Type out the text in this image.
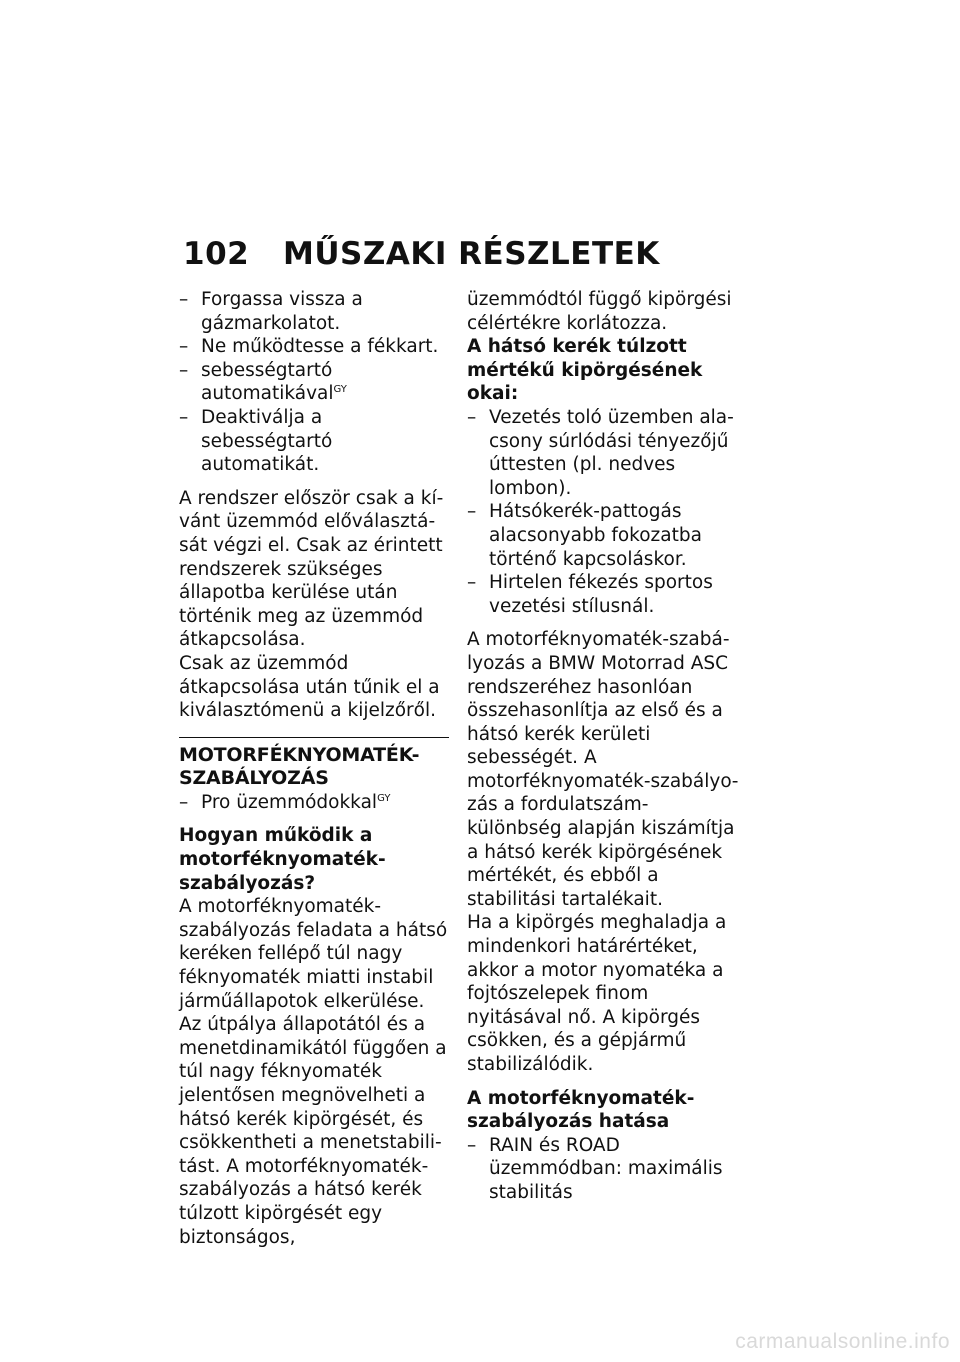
102	MŰSZAKI RÉSZLETEK

– Forgassa vissza a gázmarkolatot.

– Ne működtesse a fékkart.

– sebességtartó automatikával$^{GY}$

– Deaktiválja a sebességtartó automatikát.

A rendszer először csak a kívánt üzemmód előválasztását végzi el. Csak az érintett rendszerek szükséges állapotba kerülése után történik meg az üzemmód átkapcsolása.

Csak az üzemmód átkapcsolása után tűnik el a kiválasztómenü a kijelzőről.

MOTORFÉKNYOMATÉK-SZABÁLYOZÁS

– Pro üzemmódokkal$^{GY}$

Hogyan működik a motorféknyomaték-szabályozás?

A motorféknyomaték-szabályozás feladata a hátsó keréken fellépő túl nagy féknyomaték miatti instabil járműállapotok elkerülése. Az útpálya állapotától és a menetdinamikától függően a túl nagy féknyomaték jelentősen megnövelheti a hátsó kerék kipörgését, és csökkentheti a menetstabilitást. A motorféknyomaték-szabályozás a hátsó kerék túlzott kipörgését egy biztonságos,

üzemmódtól függő kipörgési célértékre korlátozza.

A hátsó kerék túlzott mértékű kipörgésének okai:

– Vezetés toló üzemben alacsony súrlódási tényezőjű úttesten (pl. nedves lombon).

– Hátsókerék-pattogás alacsonyabb fokozatba történő kapcsoláskor.

– Hirtelen fékezés sportos vezetési stílusnál.

A motorféknyomaték-szabályozás a BMW Motorrad ASC rendszeréhez hasonlóan összehasonlítja az első és a hátsó kerék kerületi sebességét. A motorféknyomaték-szabályozás a fordulatszám-különbség alapján kiszámítja a hátsó kerék kipörgésének mértékét, és ebből a stabilitási tartalékait.

Ha a kipörgés meghaladja a mindenkori határértéket, akkor a motor nyomatéka a fojtószelepek finom nyitásával nő. A kipörgés csökken, és a gépjármű stabilizálódik.

A motorféknyomaték-szabályozás hatása

– RAIN és ROAD üzemmódban: maximális stabilitás

carmanualsonline.info
